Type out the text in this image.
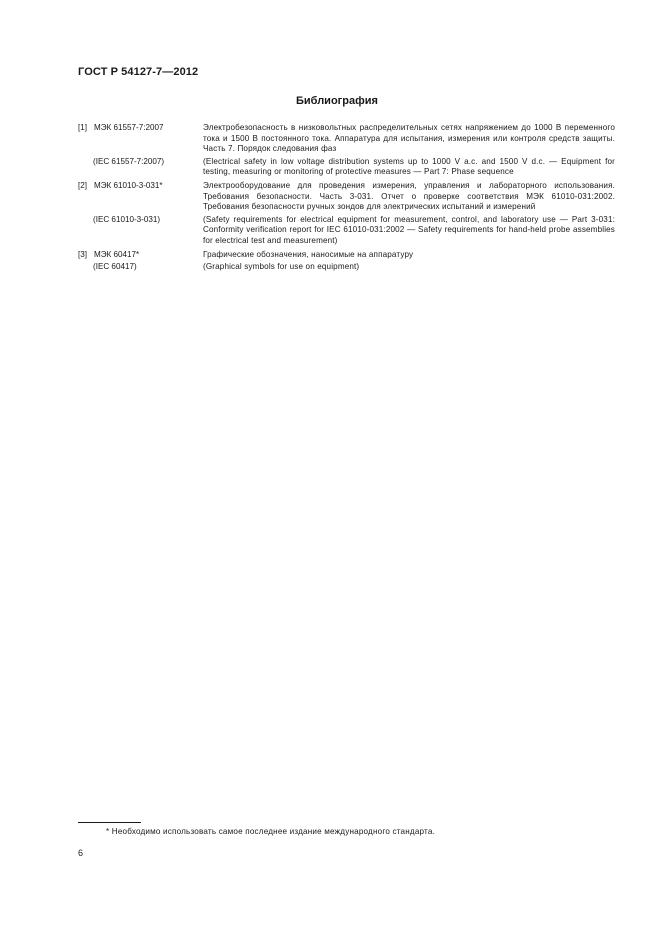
ГОСТ Р 54127-7—2012
Библиография
[1] МЭК 61557-7:2007	Электробезопасность в низковольтных распределительных сетях напряжением до 1000 В переменного тока и 1500 В постоянного тока. Аппаратура для испытания, измерения или контроля средств защиты. Часть 7. Порядок следования фаз
(IEC 61557-7:2007)	(Electrical safety in low voltage distribution systems up to 1000 V a.c. and 1500 V d.c. — Equipment for testing, measuring or monitoring of protective measures — Part 7: Phase sequence
[2] МЭК 61010-3-031*	Электрооборудование для проведения измерения, управления и лабораторного использования. Требования безопасности. Часть 3-031. Отчет о проверке соответствия МЭК 61010-031:2002. Требования безопасности ручных зондов для электрических испытаний и измерений
(IEC 61010-3-031)	(Safety requirements for electrical equipment for measurement, control, and laboratory use — Part 3-031: Conformity verification report for IEC 61010-031:2002 — Safety requirements for hand-held probe assemblies for electrical test and measurement)
[3] МЭК 60417*	Графические обозначения, наносимые на аппаратуру
(IEC 60417)	(Graphical symbols for use on equipment)
* Необходимо использовать самое последнее издание международного стандарта.
6
